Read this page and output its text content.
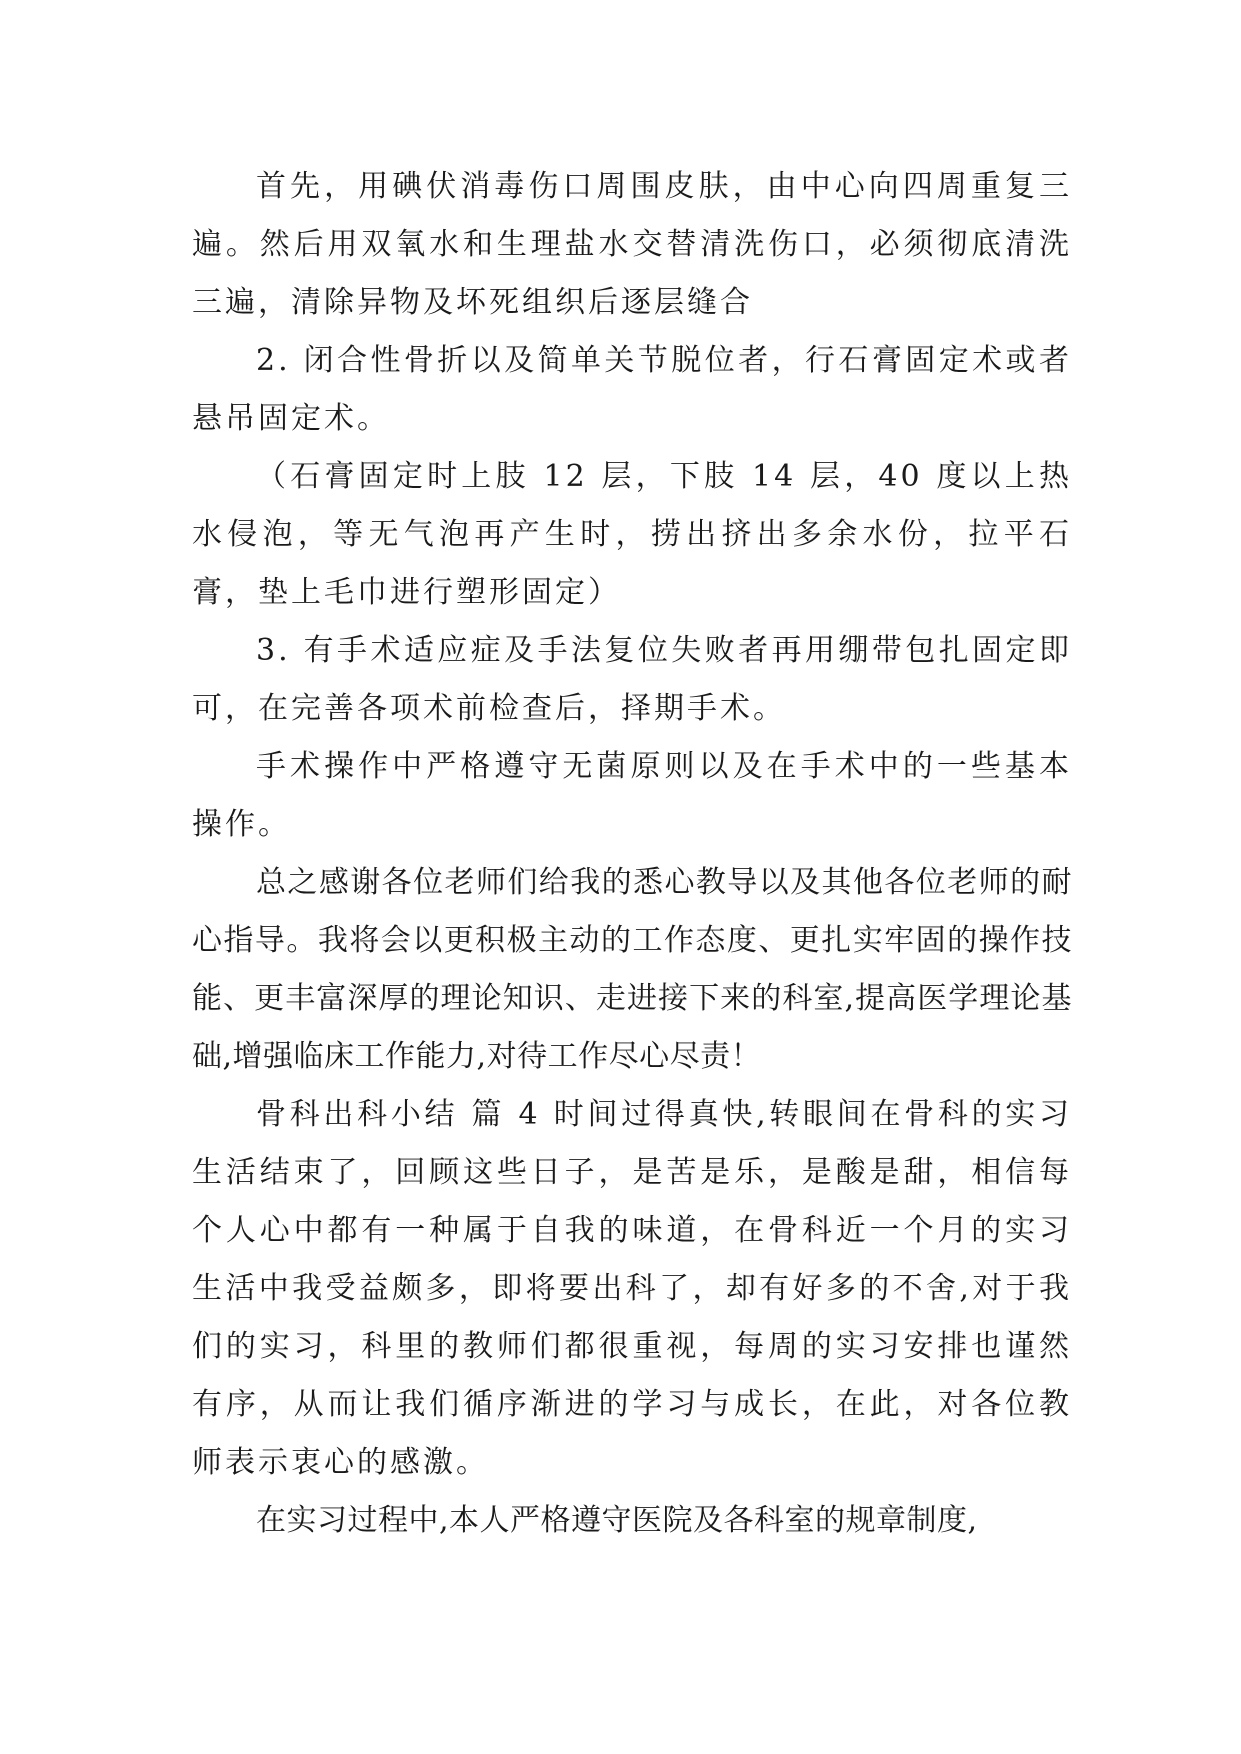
首先，用碘伏消毒伤口周围皮肤，由中心向四周重复三遍。然后用双氧水和生理盐水交替清洗伤口，必须彻底清洗三遍，清除异物及坏死组织后逐层缝合

2. 闭合性骨折以及简单关节脱位者，行石膏固定术或者悬吊固定术。

（石膏固定时上肢 12 层，下肢 14 层，40 度以上热水侵泡，等无气泡再产生时，捞出挤出多余水份，拉平石膏，垫上毛巾进行塑形固定）

3. 有手术适应症及手法复位失败者再用绷带包扎固定即可，在完善各项术前检查后，择期手术。

手术操作中严格遵守无菌原则以及在手术中的一些基本操作。

总之感谢各位老师们给我的悉心教导以及其他各位老师的耐心指导。我将会以更积极主动的工作态度、更扎实牢固的操作技能、更丰富深厚的理论知识、走进接下来的科室,提高医学理论基础,增强临床工作能力,对待工作尽心尽责！

骨科出科小结 篇 4 时间过得真快,转眼间在骨科的实习生活结束了，回顾这些日子，是苦是乐，是酸是甜，相信每个人心中都有一种属于自我的味道，在骨科近一个月的实习生活中我受益颇多，即将要出科了，却有好多的不舍,对于我们的实习，科里的教师们都很重视，每周的实习安排也谨然有序，从而让我们循序渐进的学习与成长，在此，对各位教师表示衷心的感激。

在实习过程中,本人严格遵守医院及各科室的规章制度,
